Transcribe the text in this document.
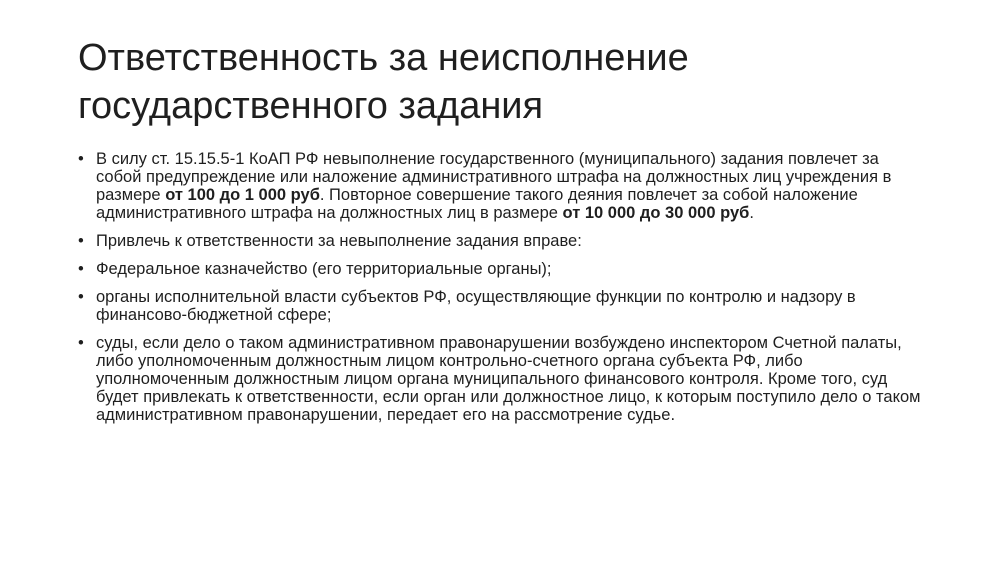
Ответственность за неисполнение
государственного задания
• В силу ст. 15.15.5-1 КоАП РФ невыполнение государственного (муниципального) задания повлечет за собой предупреждение или наложение административного штрафа на должностных лиц учреждения в размере от 100 до 1 000 руб. Повторное совершение такого деяния повлечет за собой наложение административного штрафа на должностных лиц в размере от 10 000 до 30 000 руб.
• Привлечь к ответственности за невыполнение задания вправе:
• Федеральное казначейство (его территориальные органы);
• органы исполнительной власти субъектов РФ, осуществляющие функции по контролю и надзору в финансово-бюджетной сфере;
• суды, если дело о таком административном правонарушении возбуждено инспектором Счетной палаты, либо уполномоченным должностным лицом контрольно-счетного органа субъекта РФ, либо уполномоченным должностным лицом органа муниципального финансового контроля. Кроме того, суд будет привлекать к ответственности, если орган или должностное лицо, к которым поступило дело о таком административном правонарушении, передает его на рассмотрение судье.
